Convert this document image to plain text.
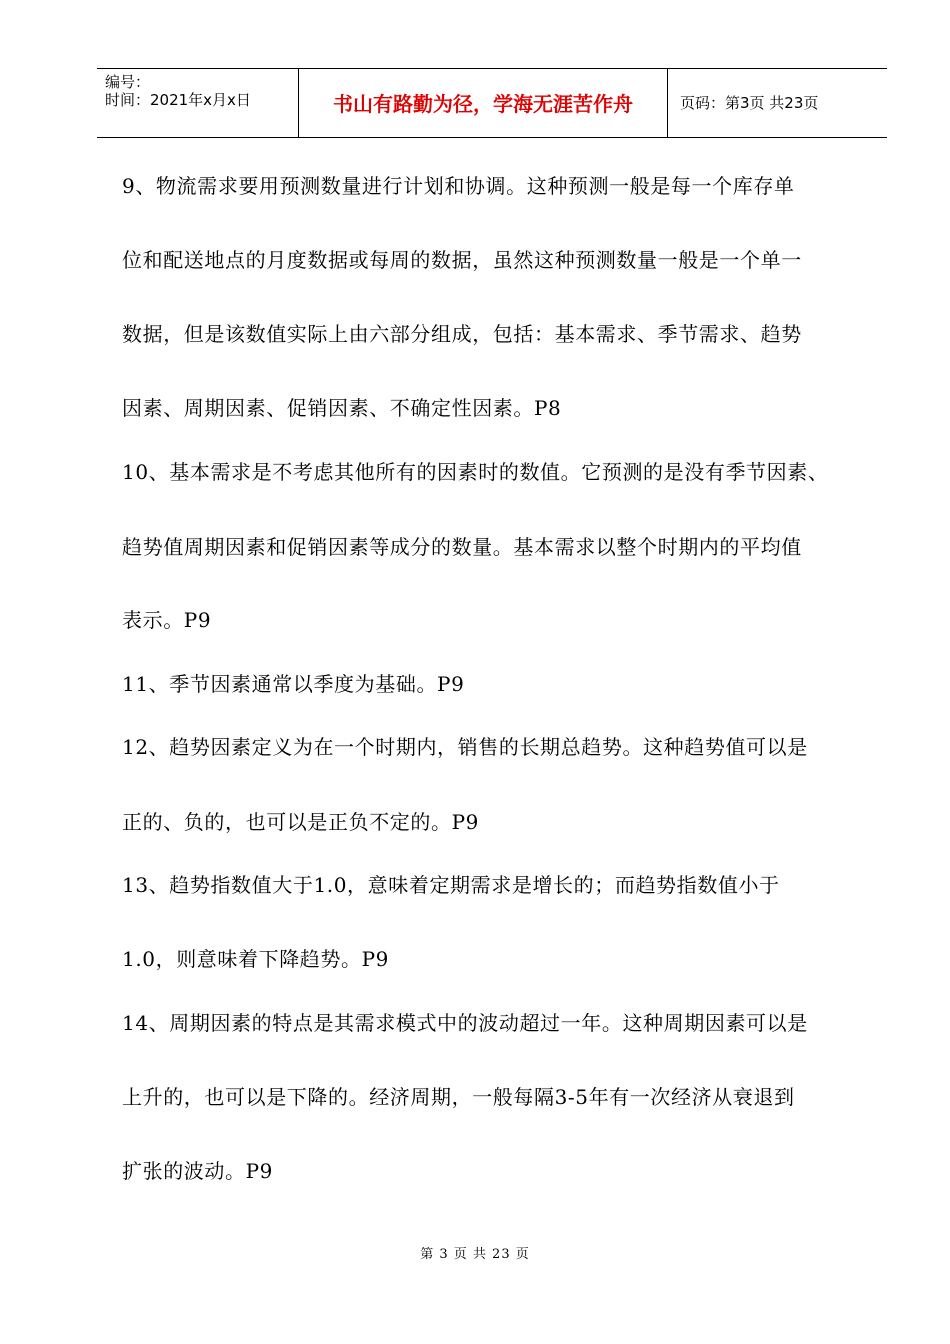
编号：
时间：2021年x月x日	书山有路勤为径，学海无涯苦作舟	页码：第3页 共23页
9、物流需求要用预测数量进行计划和协调。这种预测一般是每一个库存单
位和配送地点的月度数据或每周的数据，虽然这种预测数量一般是一个单一
数据，但是该数值实际上由六部分组成，包括：基本需求、季节需求、趋势
因素、周期因素、促销因素、不确定性因素。P8
10、基本需求是不考虑其他所有的因素时的数值。它预测的是没有季节因素、
趋势值周期因素和促销因素等成分的数量。基本需求以整个时期内的平均值
表示。P9
11、季节因素通常以季度为基础。P9
12、趋势因素定义为在一个时期内，销售的长期总趋势。这种趋势值可以是
正的、负的，也可以是正负不定的。P9
13、趋势指数值大于1.0，意味着定期需求是增长的；而趋势指数值小于
1.0，则意味着下降趋势。P9
14、周期因素的特点是其需求模式中的波动超过一年。这种周期因素可以是
上升的，也可以是下降的。经济周期，一般每隔3-5年有一次经济从衰退到
扩张的波动。P9
第 3 页 共 23 页
